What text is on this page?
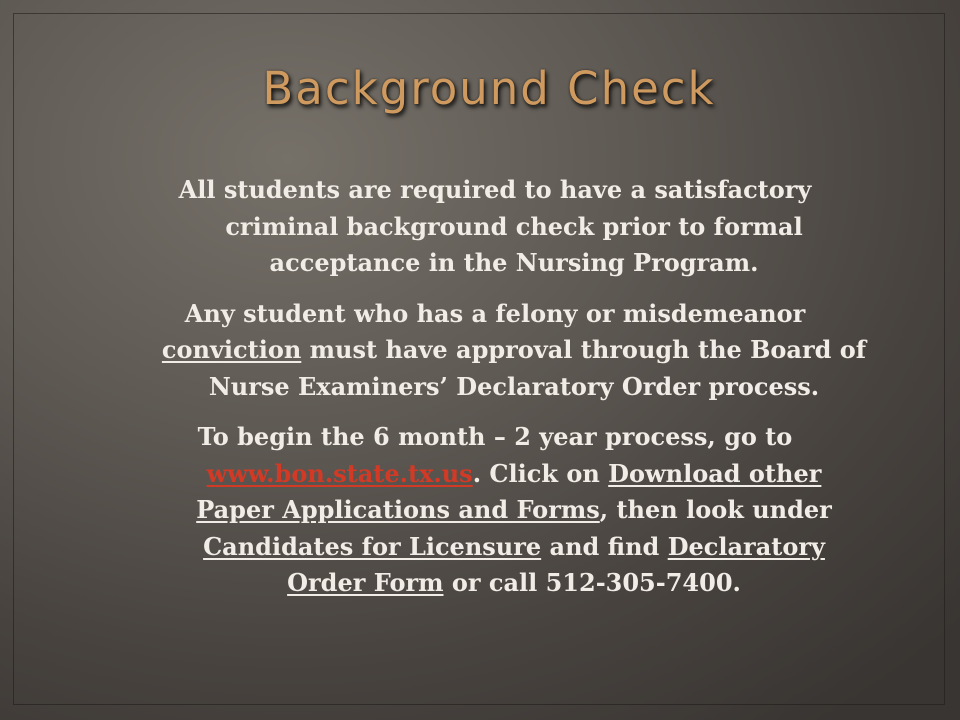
Background Check
All students are required to have a satisfactory
criminal background check prior to formal
acceptance in the Nursing Program.
Any student who has a felony or misdemeanor
conviction must have approval through the Board of
Nurse Examiners’ Declaratory Order process.
To begin the 6 month – 2 year process, go to
www.bon.state.tx.us. Click on Download other
Paper Applications and Forms, then look under
Candidates for Licensure and find Declaratory
Order Form or call 512-305-7400.
